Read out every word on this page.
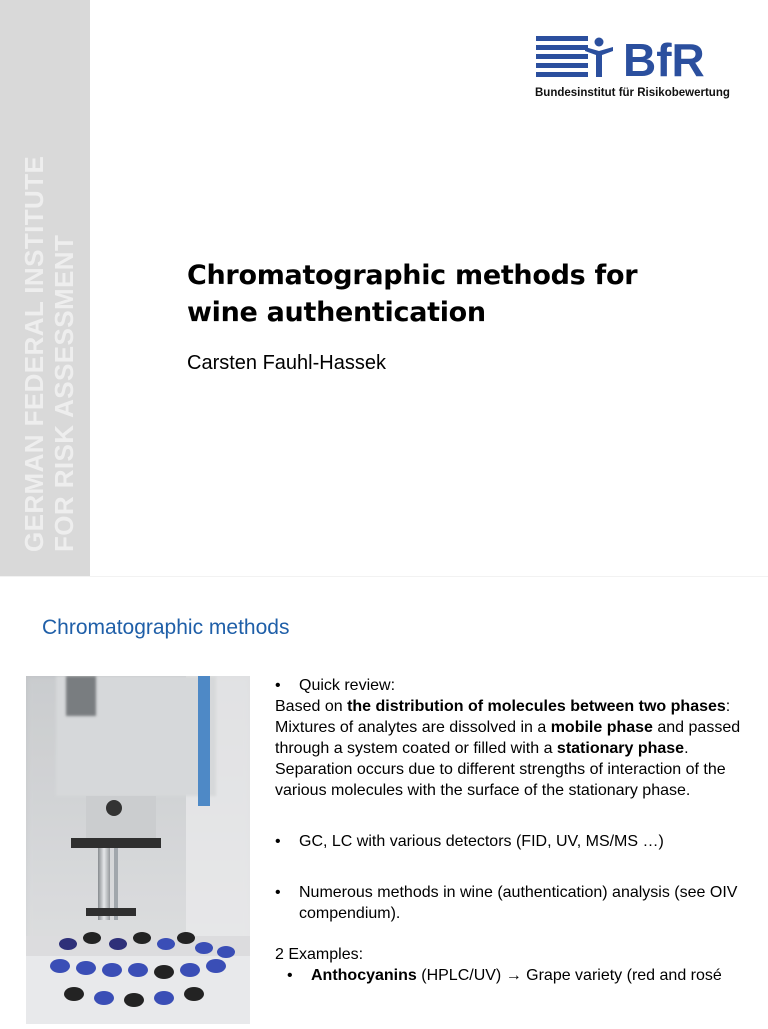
GERMAN FEDERAL INSTITUTE FOR RISK ASSESSMENT
BfR
Bundesinstitut für Risikobewertung
Chromatographic methods for
wine authentication
Carsten Fauhl-Hassek
Chromatographic methods
•	Quick review:

Based on the distribution of molecules between two phases: Mixtures of analytes are dissolved in a mobile phase and passed through a system coated or filled with a stationary phase. Separation occurs due to different strengths of interaction of the various molecules with the surface of the stationary phase.

•	GC, LC with various detectors (FID, UV, MS/MS …)
•	Numerous methods in wine (authentication) analysis (see OIV compendium).

2 Examples:

•	Anthocyanins (HPLC/UV) → Grape variety (red and rosé
